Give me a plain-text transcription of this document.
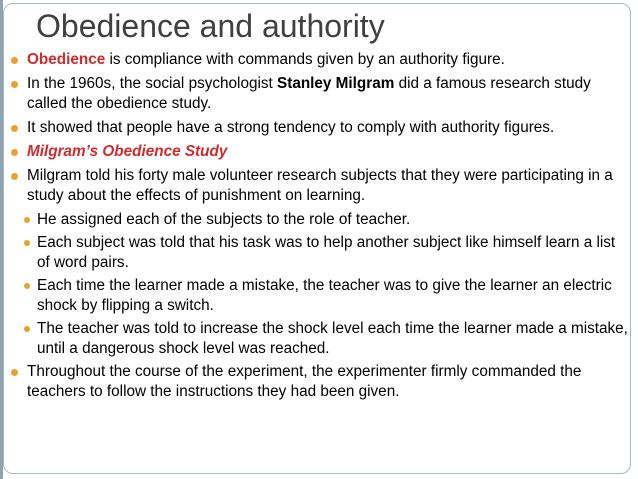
Obedience and authority
Obedience is compliance with commands given by an authority figure.
In the 1960s, the social psychologist Stanley Milgram did a famous research study called the obedience study.
It showed that people have a strong tendency to comply with authority figures.
Milgram’s Obedience Study
Milgram told his forty male volunteer research subjects that they were participating in a study about the effects of punishment on learning.
He assigned each of the subjects to the role of teacher.
Each subject was told that his task was to help another subject like himself learn a list of word pairs.
Each time the learner made a mistake, the teacher was to give the learner an electric shock by flipping a switch.
The teacher was told to increase the shock level each time the learner made a mistake, until a dangerous shock level was reached.
Throughout the course of the experiment, the experimenter firmly commanded the teachers to follow the instructions they had been given.
